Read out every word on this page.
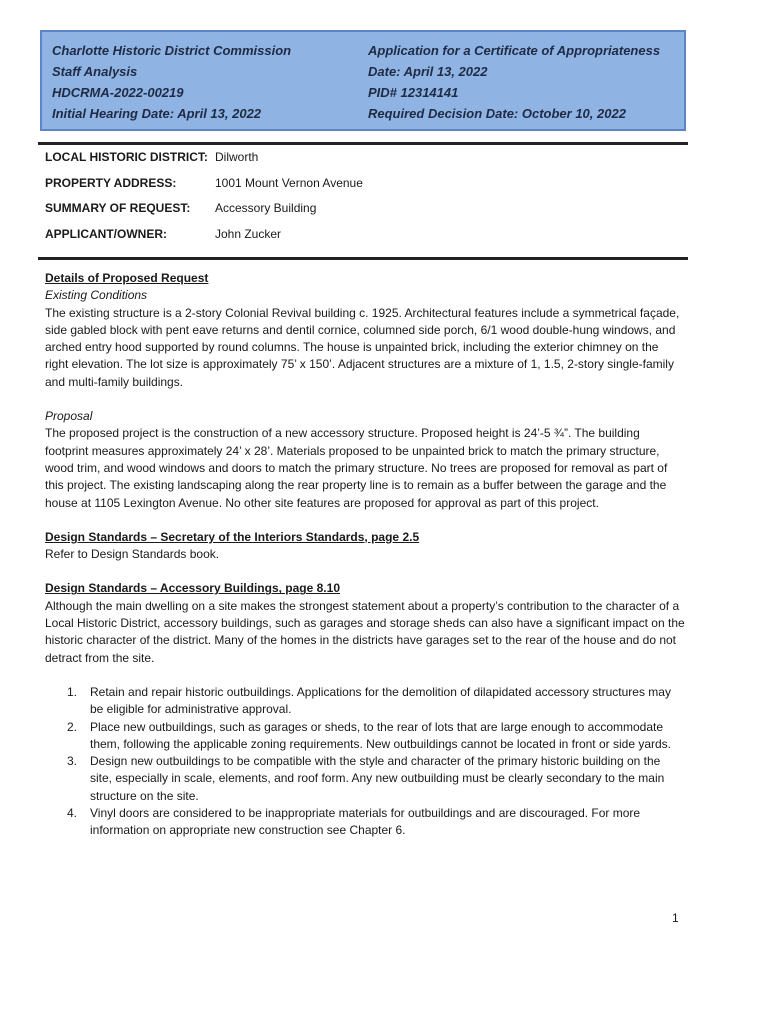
Charlotte Historic District Commission
Staff Analysis
HDCRMA-2022-00219
Initial Hearing Date: April 13, 2022
Application for a Certificate of Appropriateness
Date: April 13, 2022
PID# 12314141
Required Decision Date: October 10, 2022
LOCAL HISTORIC DISTRICT: Dilworth
PROPERTY ADDRESS:	1001 Mount Vernon Avenue
SUMMARY OF REQUEST: Accessory Building
APPLICANT/OWNER:	John Zucker

Details of Proposed Request

Existing Conditions

The existing structure is a 2-story Colonial Revival building c. 1925. Architectural features include a symmetrical façade, side gabled block with pent eave returns and dentil cornice, columned side porch, 6/1 wood double-hung windows, and arched entry hood supported by round columns. The house is unpainted brick, including the exterior chimney on the right elevation. The lot size is approximately 75’ x 150’. Adjacent structures are a mixture of 1, 1.5, 2-story single-family and multi-family buildings.

Proposal

The proposed project is the construction of a new accessory structure. Proposed height is 24’-5 ¾”. The building footprint measures approximately 24’ x 28’. Materials proposed to be unpainted brick to match the primary structure, wood trim, and wood windows and doors to match the primary structure. No trees are proposed for removal as part of this project. The existing landscaping along the rear property line is to remain as a buffer between the garage and the house at 1105 Lexington Avenue. No other site features are proposed for approval as part of this project.

Design Standards – Secretary of the Interiors Standards, page 2.5

Refer to Design Standards book.

Design Standards – Accessory Buildings, page 8.10

Although the main dwelling on a site makes the strongest statement about a property’s contribution to the character of a Local Historic District, accessory buildings, such as garages and storage sheds can also have a significant impact on the historic character of the district. Many of the homes in the districts have garages set to the rear of the house and do not detract from the site.

1. Retain and repair historic outbuildings. Applications for the demolition of dilapidated accessory structures may be eligible for administrative approval.
2. Place new outbuildings, such as garages or sheds, to the rear of lots that are large enough to accommodate them, following the applicable zoning requirements. New outbuildings cannot be located in front or side yards.
3. Design new outbuildings to be compatible with the style and character of the primary historic building on the site, especially in scale, elements, and roof form. Any new outbuilding must be clearly secondary to the main structure on the site.
4. Vinyl doors are considered to be inappropriate materials for outbuildings and are discouraged. For more information on appropriate new construction see Chapter 6.
1
